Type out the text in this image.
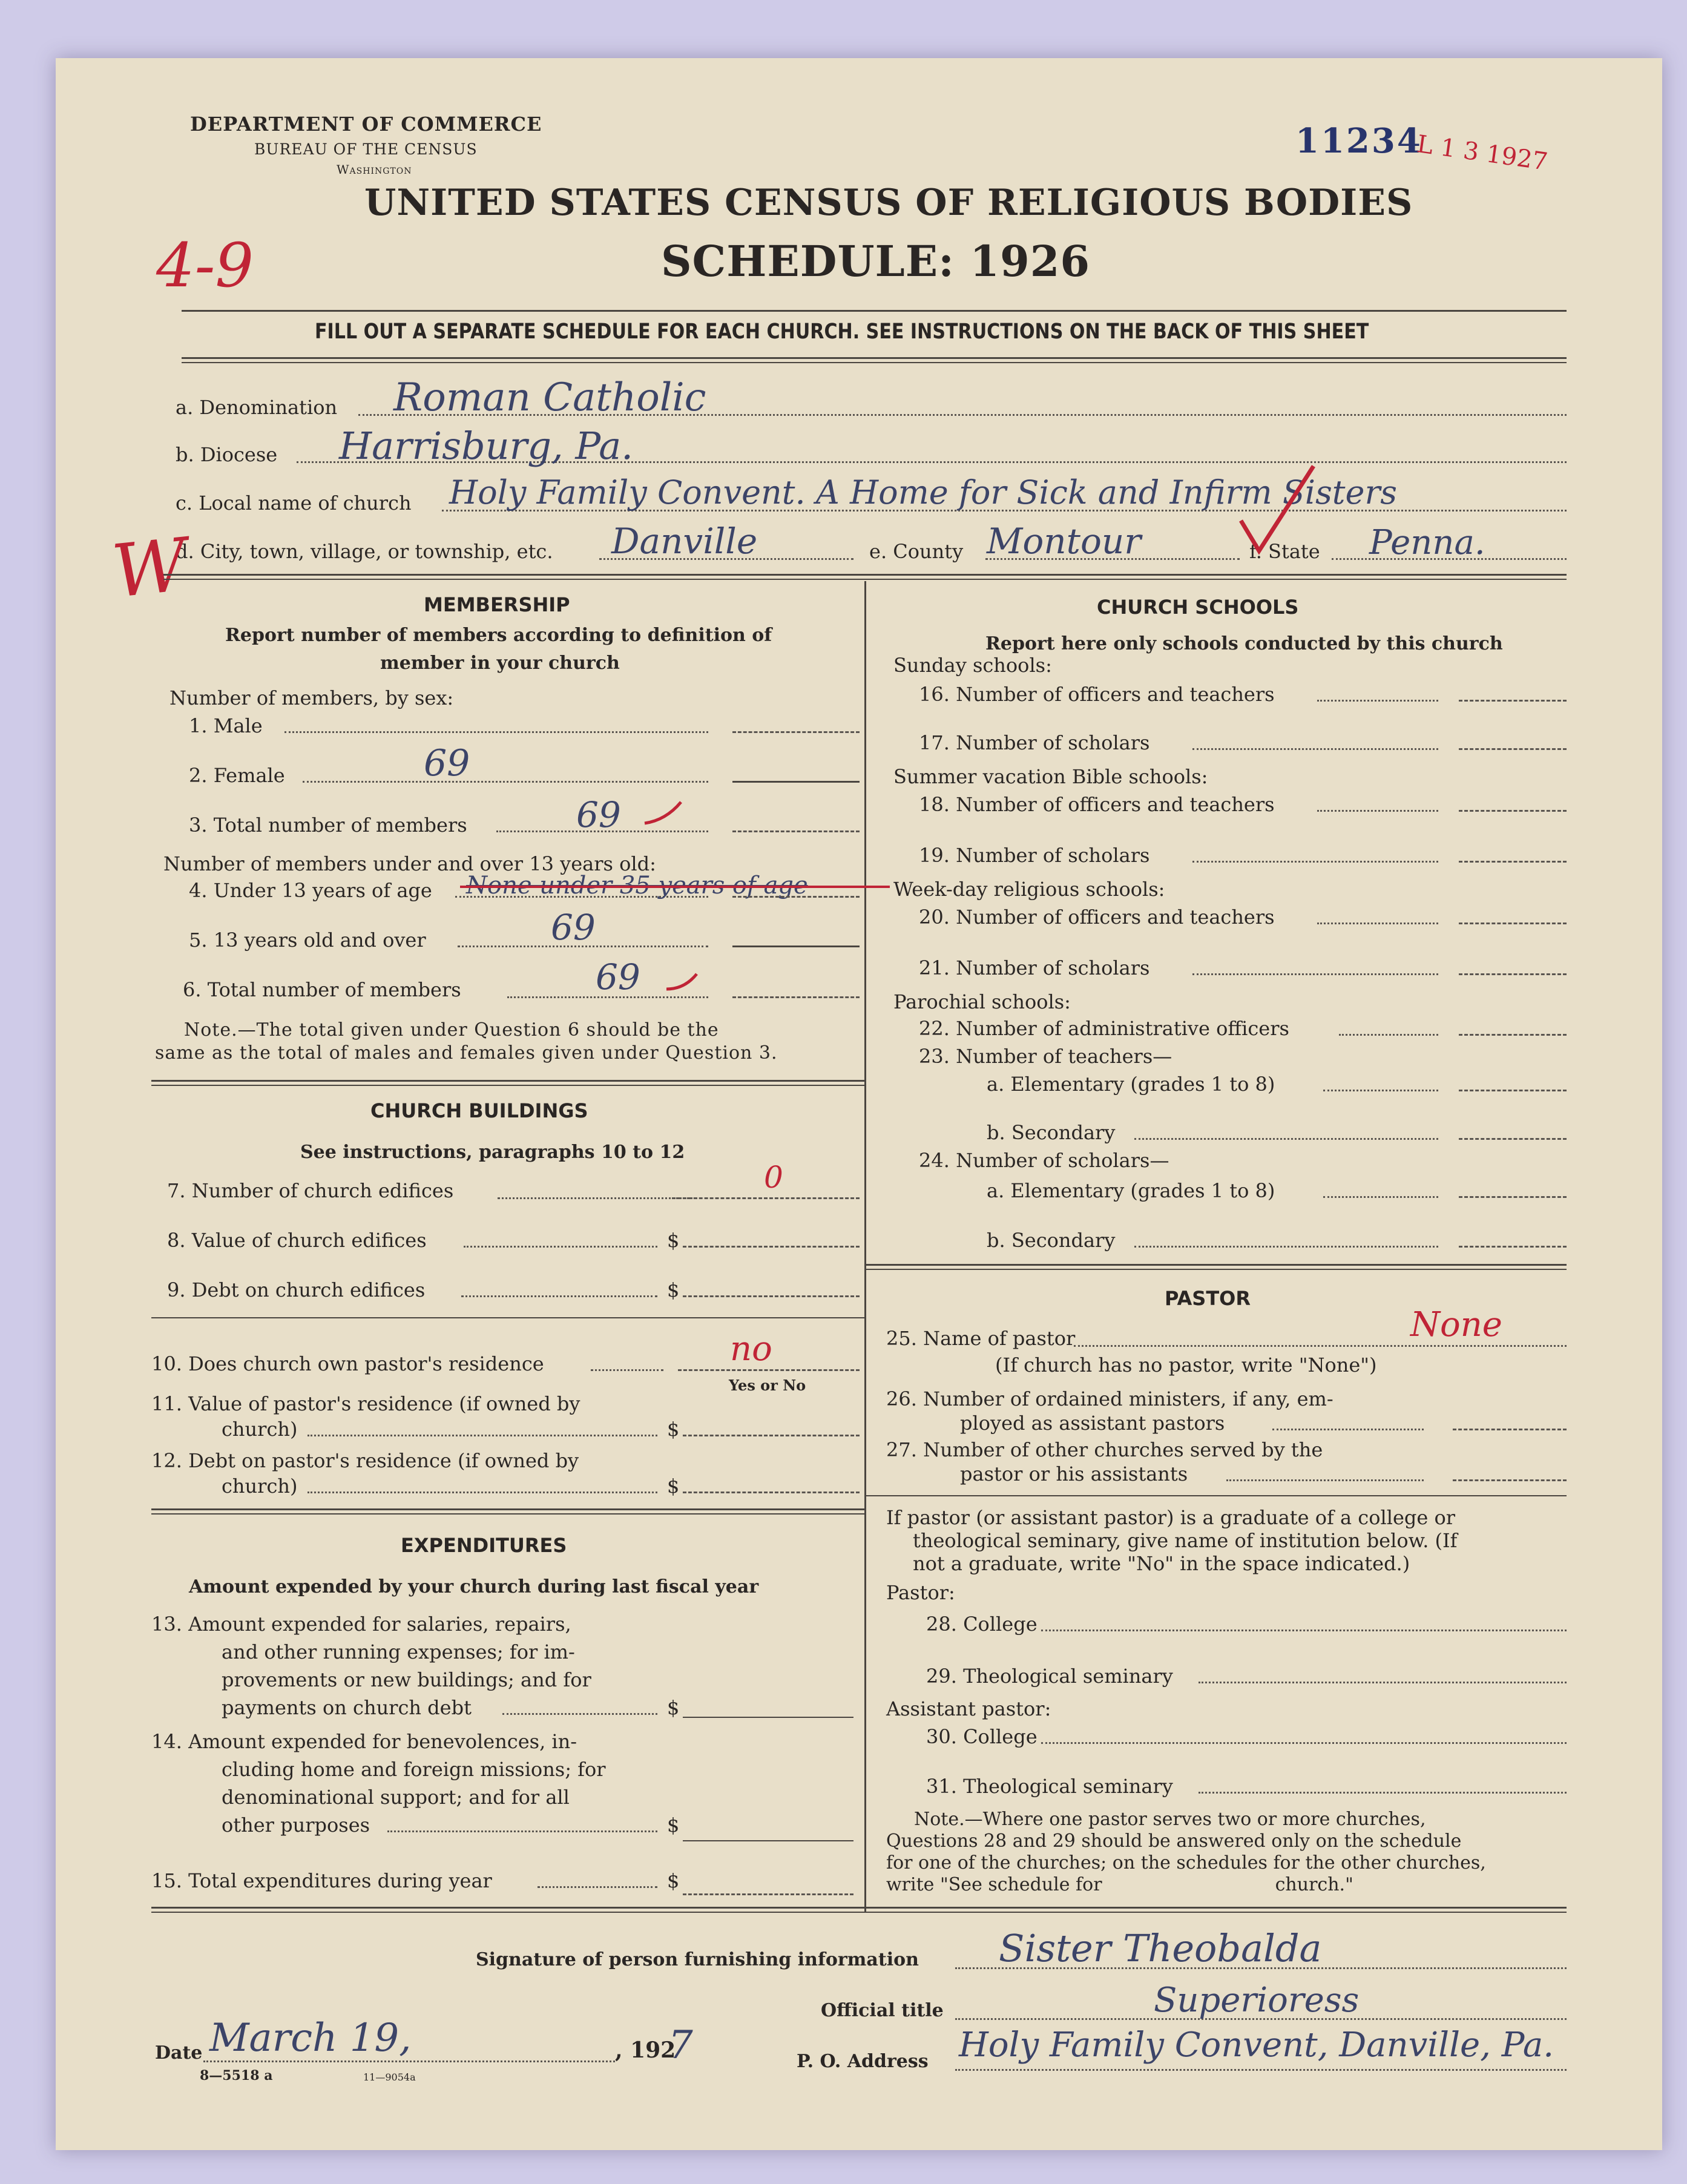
DEPARTMENT OF COMMERCE
BUREAU OF THE CENSUS
Washington
11234
L 1 3 1927
UNITED STATES CENSUS OF RELIGIOUS BODIES
SCHEDULE: 1926
4-9
FILL OUT A SEPARATE SCHEDULE FOR EACH CHURCH. SEE INSTRUCTIONS ON THE BACK OF THIS SHEET
a. Denomination Roman Catholic
b. Diocese Harrisburg, Pa.
c. Local name of church Holy Family Convent. A Home for Sick and Infirm Sisters
d. City, town, village, or township, etc. Danville	e. County Montour	f. State Penna.
W	MEMBERSHIP
Report number of members according to definition of
member in your church
Number of members, by sex:
1. Male
2. Female	69
3. Total number of members	69
Number of members under and over 13 years old:
4. Under 13 years of age None under 35 years of age
5. 13 years old and over	69
6. Total number of members	69
Note.—The total given under Question 6 should be the
same as the total of males and females given under Question 3.
CHURCH BUILDINGS
See instructions, paragraphs 10 to 12
7. Number of church edifices	0
8. Value of church edifices	$
9. Debt on church edifices	$
10. Does church own pastor's residence	no
Yes or No
11. Value of pastor's residence (if owned by
church)	$
12. Debt on pastor's residence (if owned by
church)	$
EXPENDITURES
Amount expended by your church during last fiscal year
13. Amount expended for salaries, repairs,
and other running expenses; for im-
provements or new buildings; and for
payments on church debt	$
14. Amount expended for benevolences, in-
cluding home and foreign missions; for
denominational support; and for all
other purposes	$
15. Total expenditures during year	$
CHURCH SCHOOLS
Report here only schools conducted by this church
Sunday schools:
16. Number of officers and teachers
17. Number of scholars
Summer vacation Bible schools:
18. Number of officers and teachers
19. Number of scholars
Week-day religious schools:
20. Number of officers and teachers
21. Number of scholars
Parochial schools:
22. Number of administrative officers
23. Number of teachers—
a. Elementary (grades 1 to 8)
b. Secondary
24. Number of scholars—
a. Elementary (grades 1 to 8)
b. Secondary
PASTOR
25. Name of pastor	None
(If church has no pastor, write "None")
26. Number of ordained ministers, if any, em-
ployed as assistant pastors
27. Number of other churches served by the
pastor or his assistants
If pastor (or assistant pastor) is a graduate of a college or
theological seminary, give name of institution below. (If
not a graduate, write "No" in the space indicated.)
Pastor:
28. College
29. Theological seminary
Assistant pastor:
30. College
31. Theological seminary
Note.—Where one pastor serves two or more churches,
Questions 28 and 29 should be answered only on the schedule
for one of the churches; on the schedules for the other churches,
write "See schedule for                              church."
Signature of person furnishing information Sister Theobalda
Official title	Superioress
Date March 19,	, 192
7
8—5518 a	11—9054a
P. O. Address Holy Family Convent, Danville, Pa.
